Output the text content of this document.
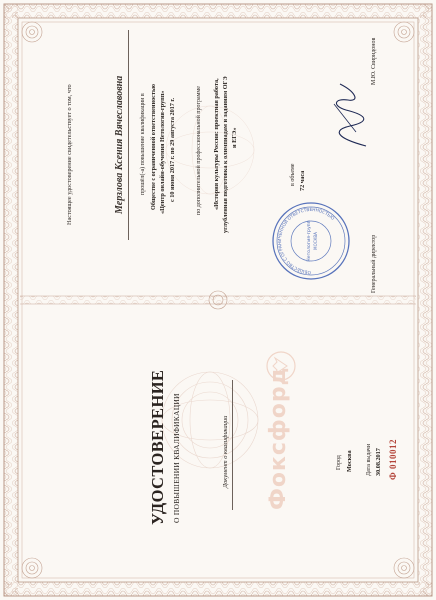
Настоящее удостоверение свидетельствует о том, что	Мерзлова Ксения Вячеславовна	прошёл(-а) повышение квалификации в Обществе с ограниченной ответственностью «Центр онлайн-обучения Нетология-групп» с 10 июня 2017 г. по 29 августа 2017 г.	по дополнительной профессиональной программе «История культуры России: проектная работа, углубленная подготовка к олимпиадам и заданиям ОГЭ и ЕГЭ»
в объеме 72 часа
Генеральный директор
М.Ю. Свиридонов
ОБЩЕСТВО С ОГРАНИЧЕННОЙ ОТВЕТСТВЕННОСТЬЮ
Нетология-групп МОСКВА
УДОСТОВЕРЕНИЕ О ПОВЫШЕНИИ КВАЛИФИКАЦИИ	Документ о квалификации Фоксфорд	Город Москва Дата выдачи 30.08.2017 Ф 010012
